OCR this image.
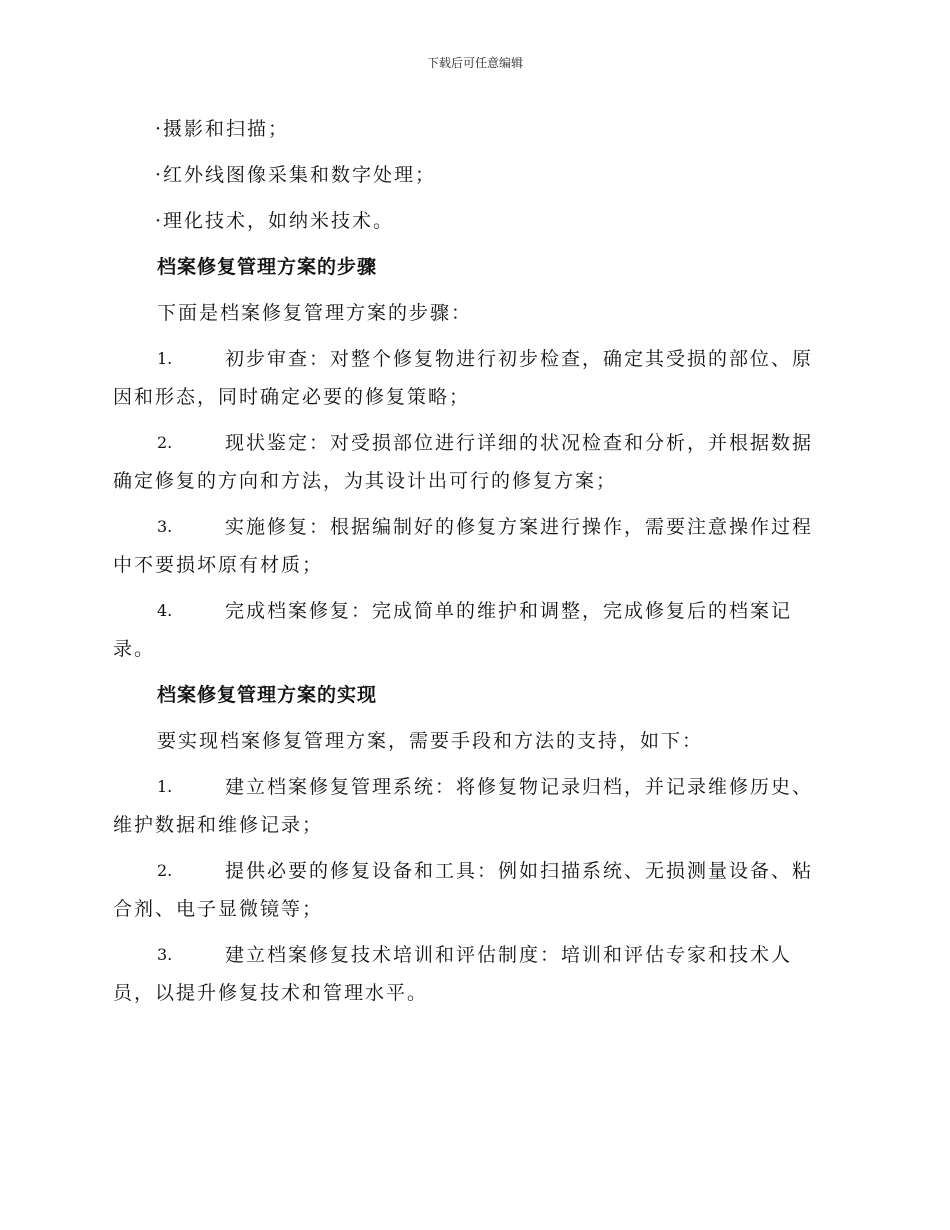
下载后可任意编辑
·摄影和扫描；
·红外线图像采集和数字处理；
·理化技术，如纳米技术。
档案修复管理方案的步骤
下面是档案修复管理方案的步骤：
1.	初步审查：对整个修复物进行初步检查，确定其受损的部位、原
因和形态，同时确定必要的修复策略；
2.	现状鉴定：对受损部位进行详细的状况检查和分析，并根据数据
确定修复的方向和方法，为其设计出可行的修复方案；
3.	实施修复：根据编制好的修复方案进行操作，需要注意操作过程
中不要损坏原有材质；
4.	完成档案修复：完成简单的维护和调整，完成修复后的档案记
录。
档案修复管理方案的实现
要实现档案修复管理方案，需要手段和方法的支持，如下：
1.	建立档案修复管理系统：将修复物记录归档，并记录维修历史、
维护数据和维修记录；
2.	提供必要的修复设备和工具：例如扫描系统、无损测量设备、粘
合剂、电子显微镜等；
3.	建立档案修复技术培训和评估制度：培训和评估专家和技术人
员，以提升修复技术和管理水平。
